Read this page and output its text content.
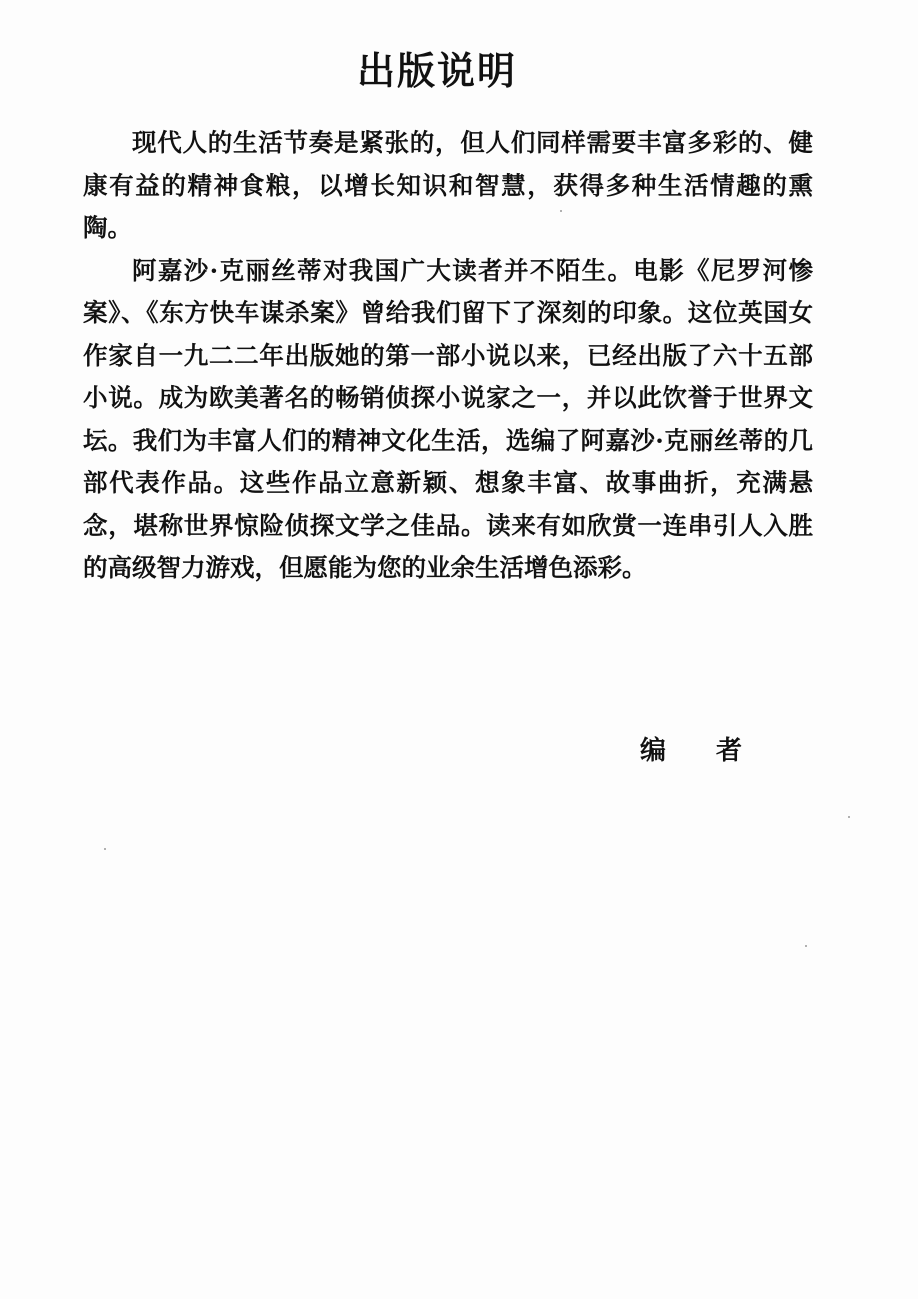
出版说明

现代人的生活节奏是紧张的，但人们同样需要丰富多彩的、健康有益的精神食粮，以增长知识和智慧，获得多种生活情趣的熏陶。

阿嘉沙·克丽丝蒂对我国广大读者并不陌生。电影《尼罗河惨案》、《东方快车谋杀案》曾给我们留下了深刻的印象。这位英国女作家自一九二二年出版她的第一部小说以来，已经出版了六十五部小说。成为欧美著名的畅销侦探小说家之一，并以此饮誉于世界文坛。我们为丰富人们的精神文化生活，选编了阿嘉沙·克丽丝蒂的几部代表作品。这些作品立意新颖、想象丰富、故事曲折，充满悬念，堪称世界惊险侦探文学之佳品。读来有如欣赏一连串引人入胜的高级智力游戏，但愿能为您的业余生活增色添彩。

编者
